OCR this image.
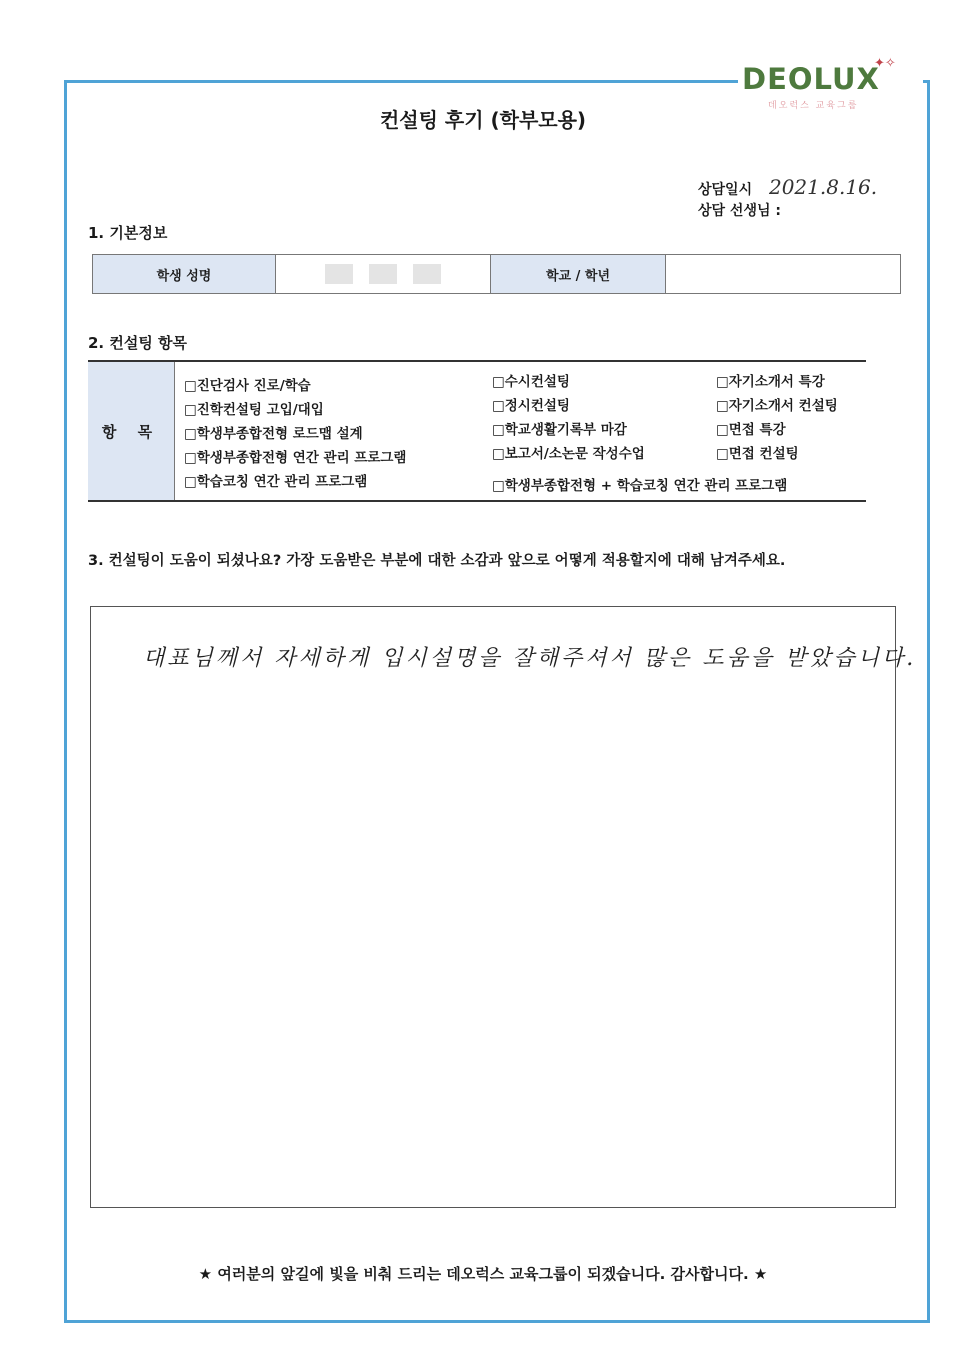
DEOLUX
✦✧
데오럭스 교육그룹
컨설팅 후기 (학부모용)
상담일시 2021.8.16.
상담 선생님 :
1. 기본정보
학생 성명		학교 / 학년	
2. 컨설팅 항목
항 목
□진단검사 진로/학습
□진학컨설팅 고입/대입
□학생부종합전형 로드맵 설계
□학생부종합전형 연간 관리 프로그램
□학습코칭 연간 관리 프로그램
□수시컨설팅
□정시컨설팅
□학교생활기록부 마감
□보고서/소논문 작성수업
□자기소개서 특강
□자기소개서 컨설팅
□면접 특강
□면접 컨설팅
□학생부종합전형 + 학습코칭 연간 관리 프로그램
3. 컨설팅이 도움이 되셨나요? 가장 도움받은 부분에 대한 소감과 앞으로 어떻게 적용할지에 대해 남겨주세요.
대표님께서 자세하게 입시설명을 잘해주셔서 많은 도움을 받았습니다.
★ 여러분의 앞길에 빛을 비춰 드리는 데오럭스 교육그룹이 되겠습니다. 감사합니다. ★
